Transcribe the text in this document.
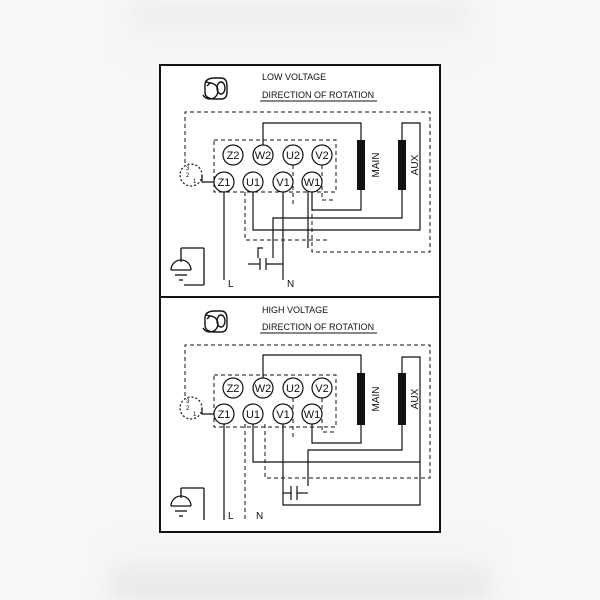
LOW VOLTAGE
DIRECTION OF ROTATION
Z2 W2 U2 V2
Z1 U1 V1 W1
MAIN	AUX
3
2
1
L	N
HIGH VOLTAGE
DIRECTION OF ROTATION
Z2 W2 U2 V2
Z1 U1 V1 W1
MAIN	AUX
3
2
1
L N
